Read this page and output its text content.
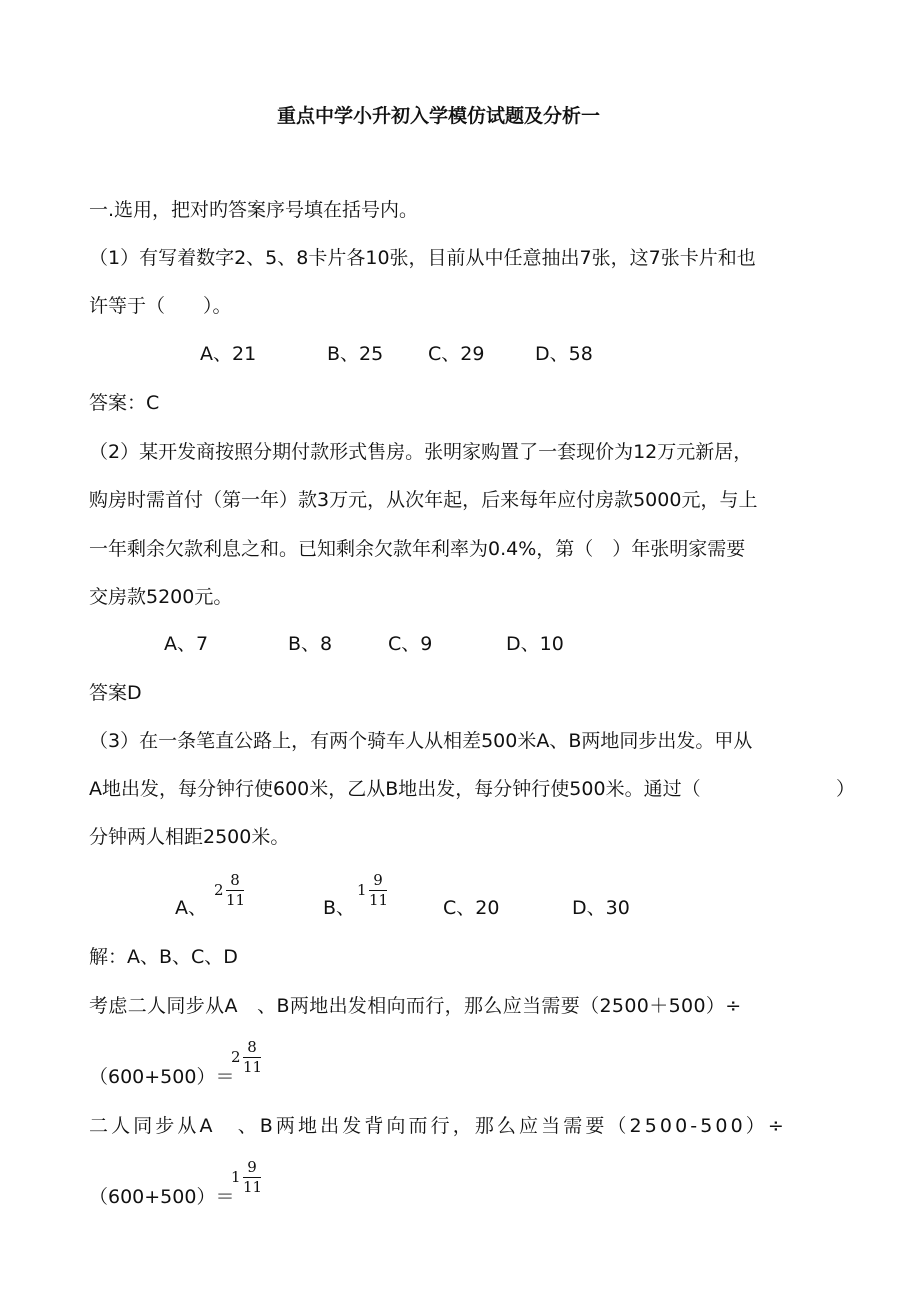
重点中学小升初入学模仿试题及分析一
一.选用，把对旳答案序号填在括号内。
（1）有写着数字2、5、8卡片各10张，目前从中任意抽出7张，这7张卡片和也
许等于（　　）。
A、21	B、25 C、29	D、58
答案：C
（2）某开发商按照分期付款形式售房。张明家购置了一套现价为12万元新居，
购房时需首付（第一年）款3万元，从次年起，后来每年应付房款5000元，与上
一年剩余欠款利息之和。已知剩余欠款年利率为0.4%，第（　）年张明家需要
交房款5200元。
A、7	B、8	C、9	D、10
答案D
（3）在一条笔直公路上，有两个骑车人从相差500米A、B两地同步出发。甲从
A地出发，每分钟行使600米，乙从B地出发，每分钟行使500米。通过（	）
分钟两人相距2500米。
A、
2
8
11	B、
1
9
11	C、20	D、30
解：A、B、C、D
考虑二人同步从A　、B两地出发相向而行，那么应当需要（2500＋500）÷
（600+500）＝
2
8
11
二人同步从A　、B两地出发背向而行，那么应当需要（2500-500）÷
（600+500）＝
1
9
11
